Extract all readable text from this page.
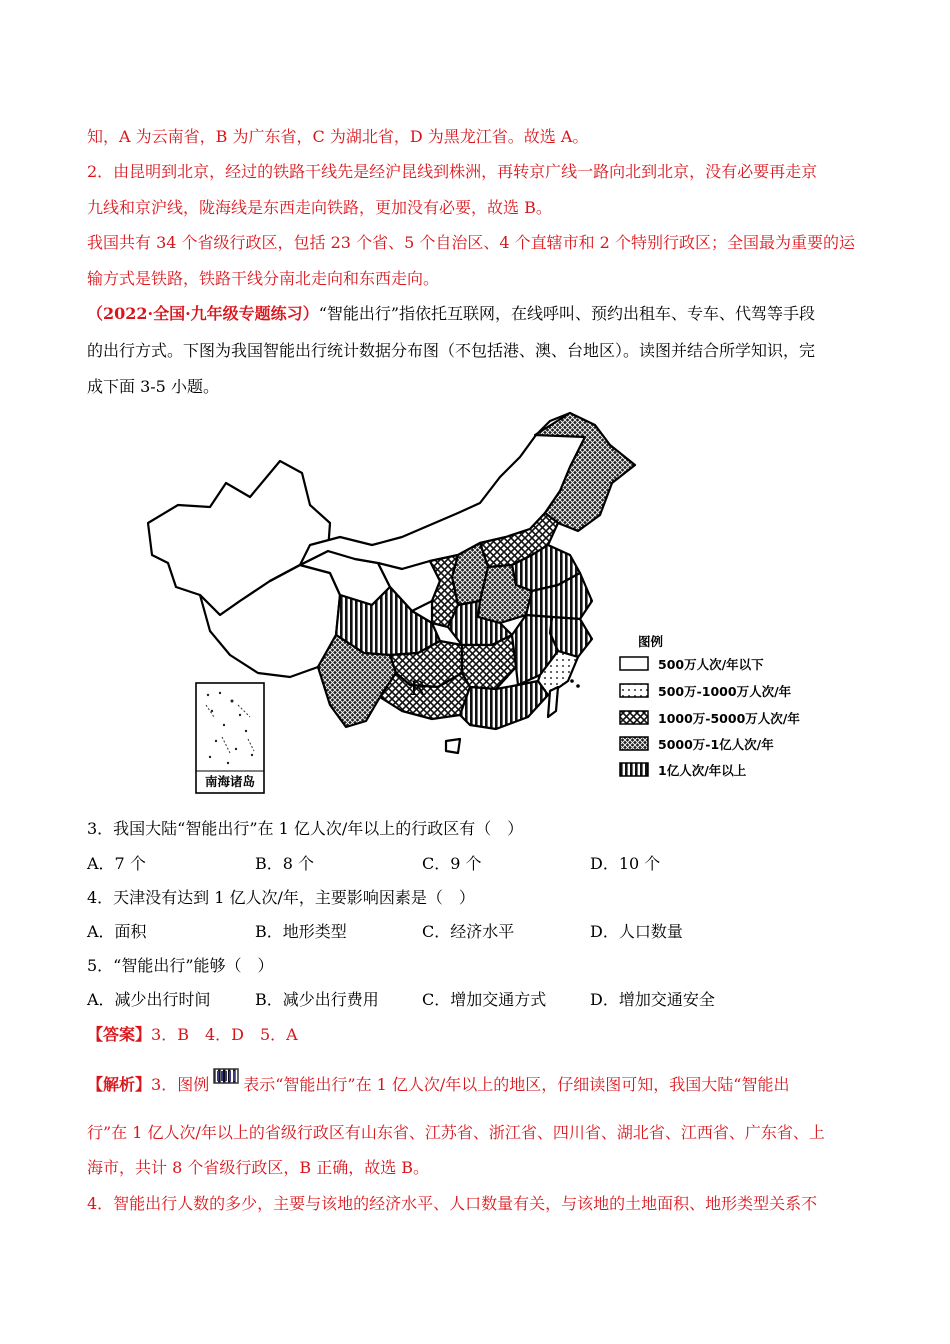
知，A 为云南省，B 为广东省，C 为湖北省，D 为黑龙江省。故选 A。
2．由昆明到北京，经过的铁路干线先是经沪昆线到株洲，再转京广线一路向北到北京，没有必要再走京
九线和京沪线，陇海线是东西走向铁路，更加没有必要，故选 B。
我国共有 34 个省级行政区，包括 23 个省、5 个自治区、4 个直辖市和 2 个特别行政区；全国最为重要的运
输方式是铁路，铁路干线分南北走向和东西走向。
（2022·全国·九年级专题练习）“智能出行”指依托互联网，在线呼叫、预约出租车、专车、代驾等手段
的出行方式。下图为我国智能出行统计数据分布图（不包括港、澳、台地区）。读图并结合所学知识，完
成下面 3-5 小题。
R
南海诸岛
图例
500万人次/年以下
500万-1000万人次/年
1000万-5000万人次/年
5000万-1亿人次/年
1亿人次/年以上
3．我国大陆“智能出行”在 1 亿人次/年以上的行政区有（　）
A．7 个	B．8 个	C．9 个	D．10 个
4．天津没有达到 1 亿人次/年，主要影响因素是（　）
A．面积	B．地形类型	C．经济水平	D．人口数量
5．“智能出行”能够（　）
A．减少出行时间	B．减少出行费用	C．增加交通方式	D．增加交通安全
【答案】3．B　4．D　5．A
【解析】3．图例 表示“智能出行”在 1 亿人次/年以上的地区，仔细读图可知，我国大陆“智能出
行”在 1 亿人次/年以上的省级行政区有山东省、江苏省、浙江省、四川省、湖北省、江西省、广东省、上
海市，共计 8 个省级行政区，B 正确，故选 B。
4．智能出行人数的多少，主要与该地的经济水平、人口数量有关，与该地的土地面积、地形类型关系不
